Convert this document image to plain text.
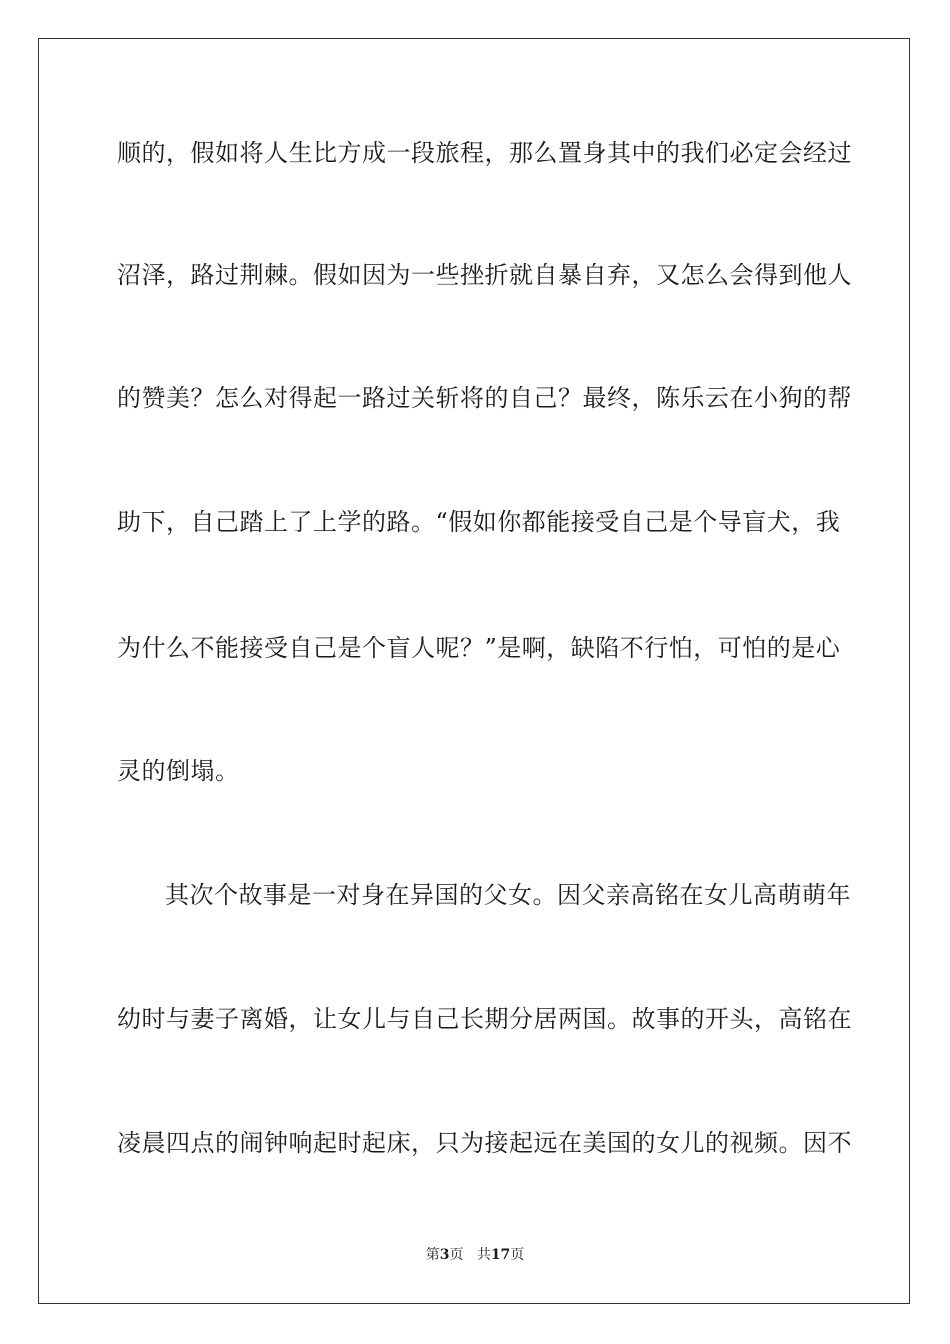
顺的，假如将人生比方成一段旅程，那么置身其中的我们必定会经过
沼泽，路过荆棘。假如因为一些挫折就自暴自弃，又怎么会得到他人
的赞美？怎么对得起一路过关斩将的自己？最终，陈乐云在小狗的帮
助下，自己踏上了上学的路。“假如你都能接受自己是个导盲犬，我
为什么不能接受自己是个盲人呢？”是啊，缺陷不行怕，可怕的是心
灵的倒塌。
其次个故事是一对身在异国的父女。因父亲高铭在女儿高萌萌年
幼时与妻子离婚，让女儿与自己长期分居两国。故事的开头，高铭在
凌晨四点的闹钟响起时起床，只为接起远在美国的女儿的视频。因不
第3页 共17页
